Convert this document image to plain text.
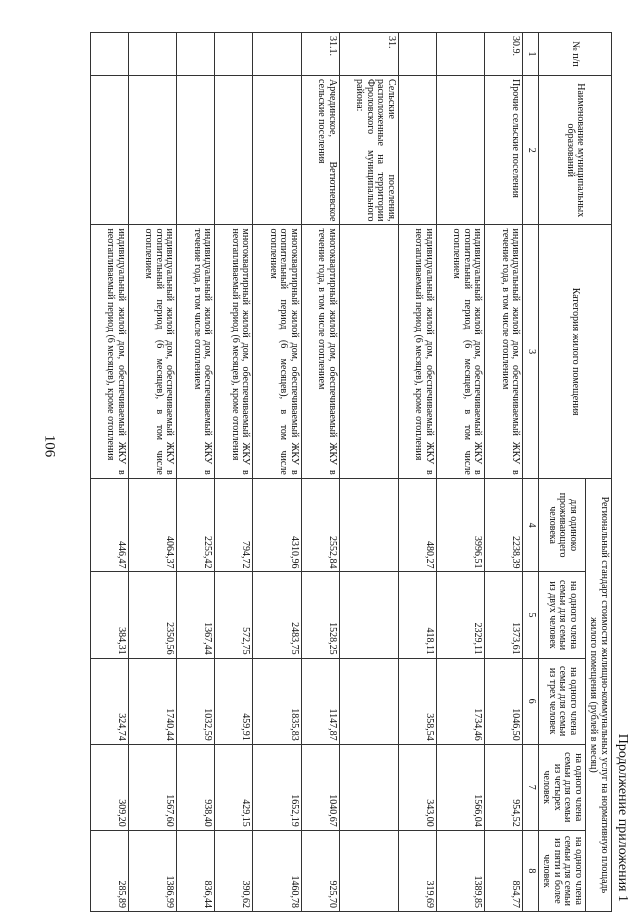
106
Продолжение приложения 1
№ п/п	Наименование муниципальных образований	Категория жилого помещения	Региональный стандарт стоимости жилищно-коммунальных услуг на нормативную площадь жилого помещения (рублей в месяц)				
			для одиноко проживающего человека	на одного члена семьи для семьи из двух человек	на одного члена семьи для семьи из трех человек	на одного члена семьи для семьи из четырех человек	на одного члена семьи для семьи из пяти и более человек
1	2	3	4	5	6	7	8
30.9.	Прочие сельские поселения	индивидуальный жилой дом, обеспечиваемый ЖКУ в течение года, в том числе отоплением	2238,39	1373,61	1046,50	954,52	854,77
		индивидуальный жилой дом, обеспечиваемый ЖКУ в отопительный период (6 месяцев), в том числе отоплением	3996,51	2329,11	1734,46	1566,04	1389,85
		индивидуальный жилой дом, обеспечиваемый ЖКУ в неотапливаемый период (6 месяцев), кроме отопления	480,27	418,11	358,54	343,00	319,69
31.	Сельские поселения, расположенные на территории Фроловского муниципального района:						
31.1.	Арчединское, Ветютневское сельские поселения	многоквартирный жилой дом, обеспечиваемый ЖКУ в течение года, в том числе отоплением	2552,84	1528,25	1147,87	1040,67	925,70
		многоквартирный жилой дом, обеспечиваемый ЖКУ в отопительный период (6 месяцев), в том числе отоплением	4310,96	2483,75	1835,83	1652,19	1460,78
		многоквартирный жилой дом, обеспечиваемый ЖКУ в неотапливаемый период (6 месяцев), кроме отопления	794,72	572,75	459,91	429,15	390,62
		индивидуальный жилой дом, обеспечиваемый ЖКУ в течение года, в том числе отоплением	2255,42	1367,44	1032,59	938,40	836,44
		индивидуальный жилой дом, обеспечиваемый ЖКУ в отопительный период (6 месяцев), в том числе отоплением	4064,37	2350,56	1740,44	1567,60	1386,99
		индивидуальный жилой дом, обеспечиваемый ЖКУ в неотапливаемый период (6 месяцев), кроме отопления	446,47	384,31	324,74	309,20	285,89
